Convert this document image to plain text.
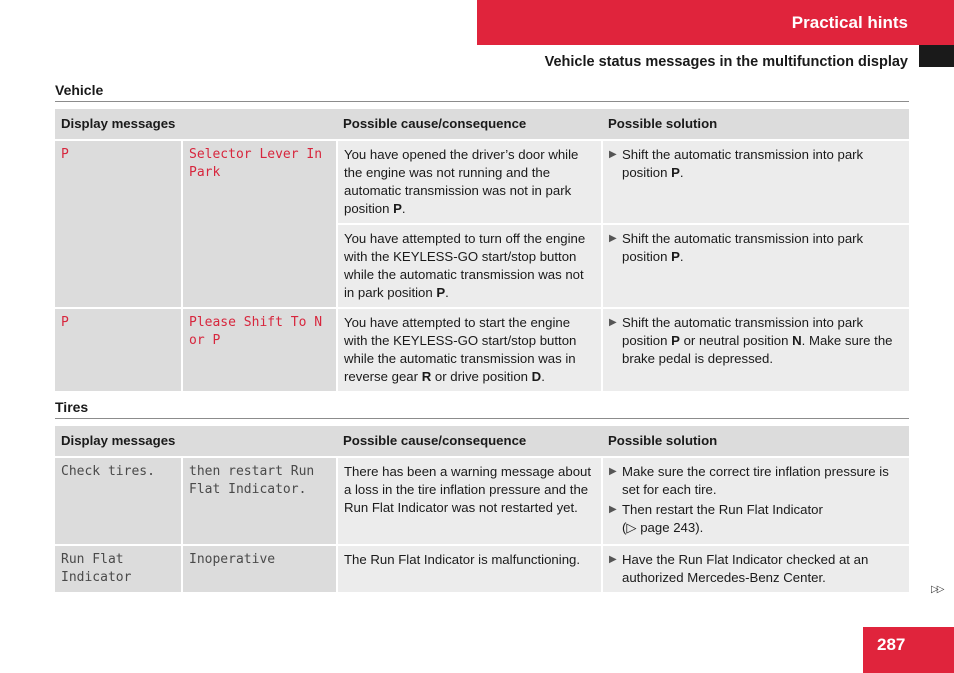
Practical hints
Vehicle status messages in the multifunction display
Vehicle
Display messages		Possible cause/consequence	Possible solution
P	Selector Lever In Park	You have opened the driver’s door while the engine was not running and the automatic transmission was not in park position P.	▶ Shift the automatic transmission into park position P.

		You have attempted to turn off the engine with the KEYLESS-GO start/stop button while the automatic transmission was not in park position P.	▶ Shift the automatic transmission into park position P.

P	Please Shift To N or P	You have attempted to start the engine with the KEYLESS-GO start/stop button while the automatic transmission was in reverse gear R or drive position D.	▶ Shift the automatic transmission into park position P or neutral position N. Make sure the brake pedal is depressed.
Tires
Display messages		Possible cause/consequence	Possible solution
Check tires.	then restart Run Flat Indicator.	There has been a warning message about a loss in the tire inflation pressure and the Run Flat Indicator was not restarted yet.	▶ Make sure the correct tire inflation pressure is set for each tire.
▶ Then restart the Run Flat Indicator
(▷ page 243).

Run Flat Indicator	Inoperative	The Run Flat Indicator is malfunctioning.	▶ Have the Run Flat Indicator checked at an authorized Mercedes-Benz Center.
▷▷
287
